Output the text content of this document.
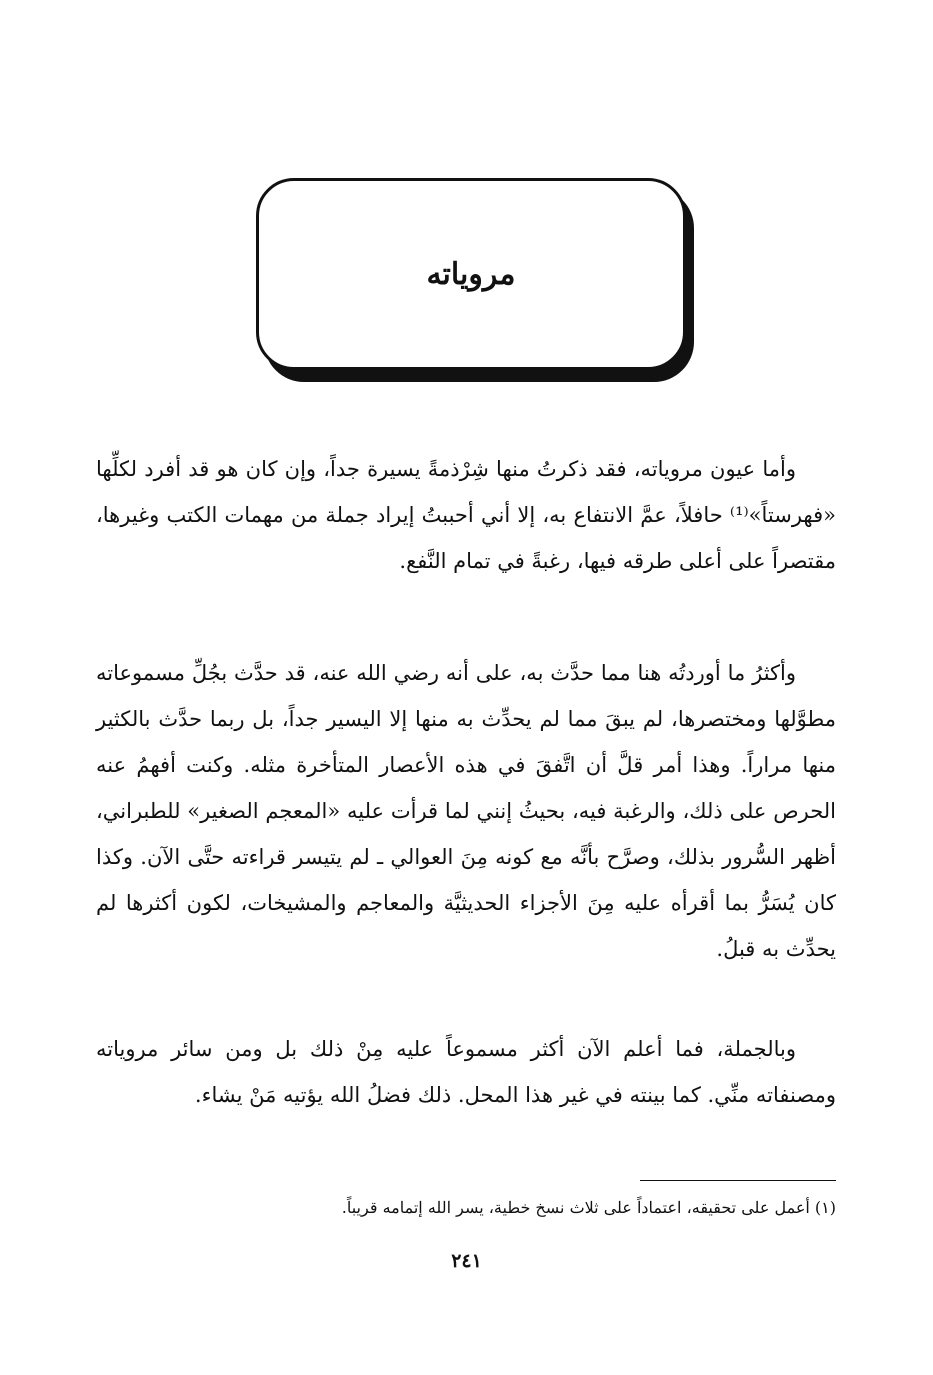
مروياته

وأما عيون مروياته، فقد ذكرتُ منها شِرْذمةً يسيرة جداً، وإن كان هو قد أفرد لكلِّها «فهرستاً»⁽¹⁾ حافلاً، عمَّ الانتفاع به، إلا أني أحببتُ إيراد جملة من مهمات الكتب وغيرها، مقتصراً على أعلى طرقه فيها، رغبةً في تمام النَّفع.

وأكثرُ ما أوردتُه هنا مما حدَّث به، على أنه رضي الله عنه، قد حدَّث بجُلِّ مسموعاته مطوَّلها ومختصرها، لم يبقَ مما لم يحدِّث به منها إلا اليسير جداً، بل ربما حدَّث بالكثير منها مراراً. وهذا أمر قلَّ أن اتَّفقَ في هذه الأعصار المتأخرة مثله. وكنت أفهمُ عنه الحرص على ذلك، والرغبة فيه، بحيثُ إنني لما قرأت عليه «المعجم الصغير» للطبراني، أظهر السُّرور بذلك، وصرَّح بأنَّه مع كونه مِنَ العوالي ـ لم يتيسر قراءته حتَّى الآن. وكذا كان يُسَرُّ بما أقرأه عليه مِنَ الأجزاء الحديثيَّة والمعاجم والمشيخات، لكون أكثرها لم يحدِّث به قبلُ.

وبالجملة، فما أعلم الآن أكثر مسموعاً عليه مِنْ ذلك بل ومن سائر مروياته ومصنفاته منِّي. كما بينته في غير هذا المحل. ذلك فضلُ الله يؤتيه مَنْ يشاء.

(١) أعمل على تحقيقه، اعتماداً على ثلاث نسخ خطية، يسر الله إتمامه قريباً.

٢٤١
